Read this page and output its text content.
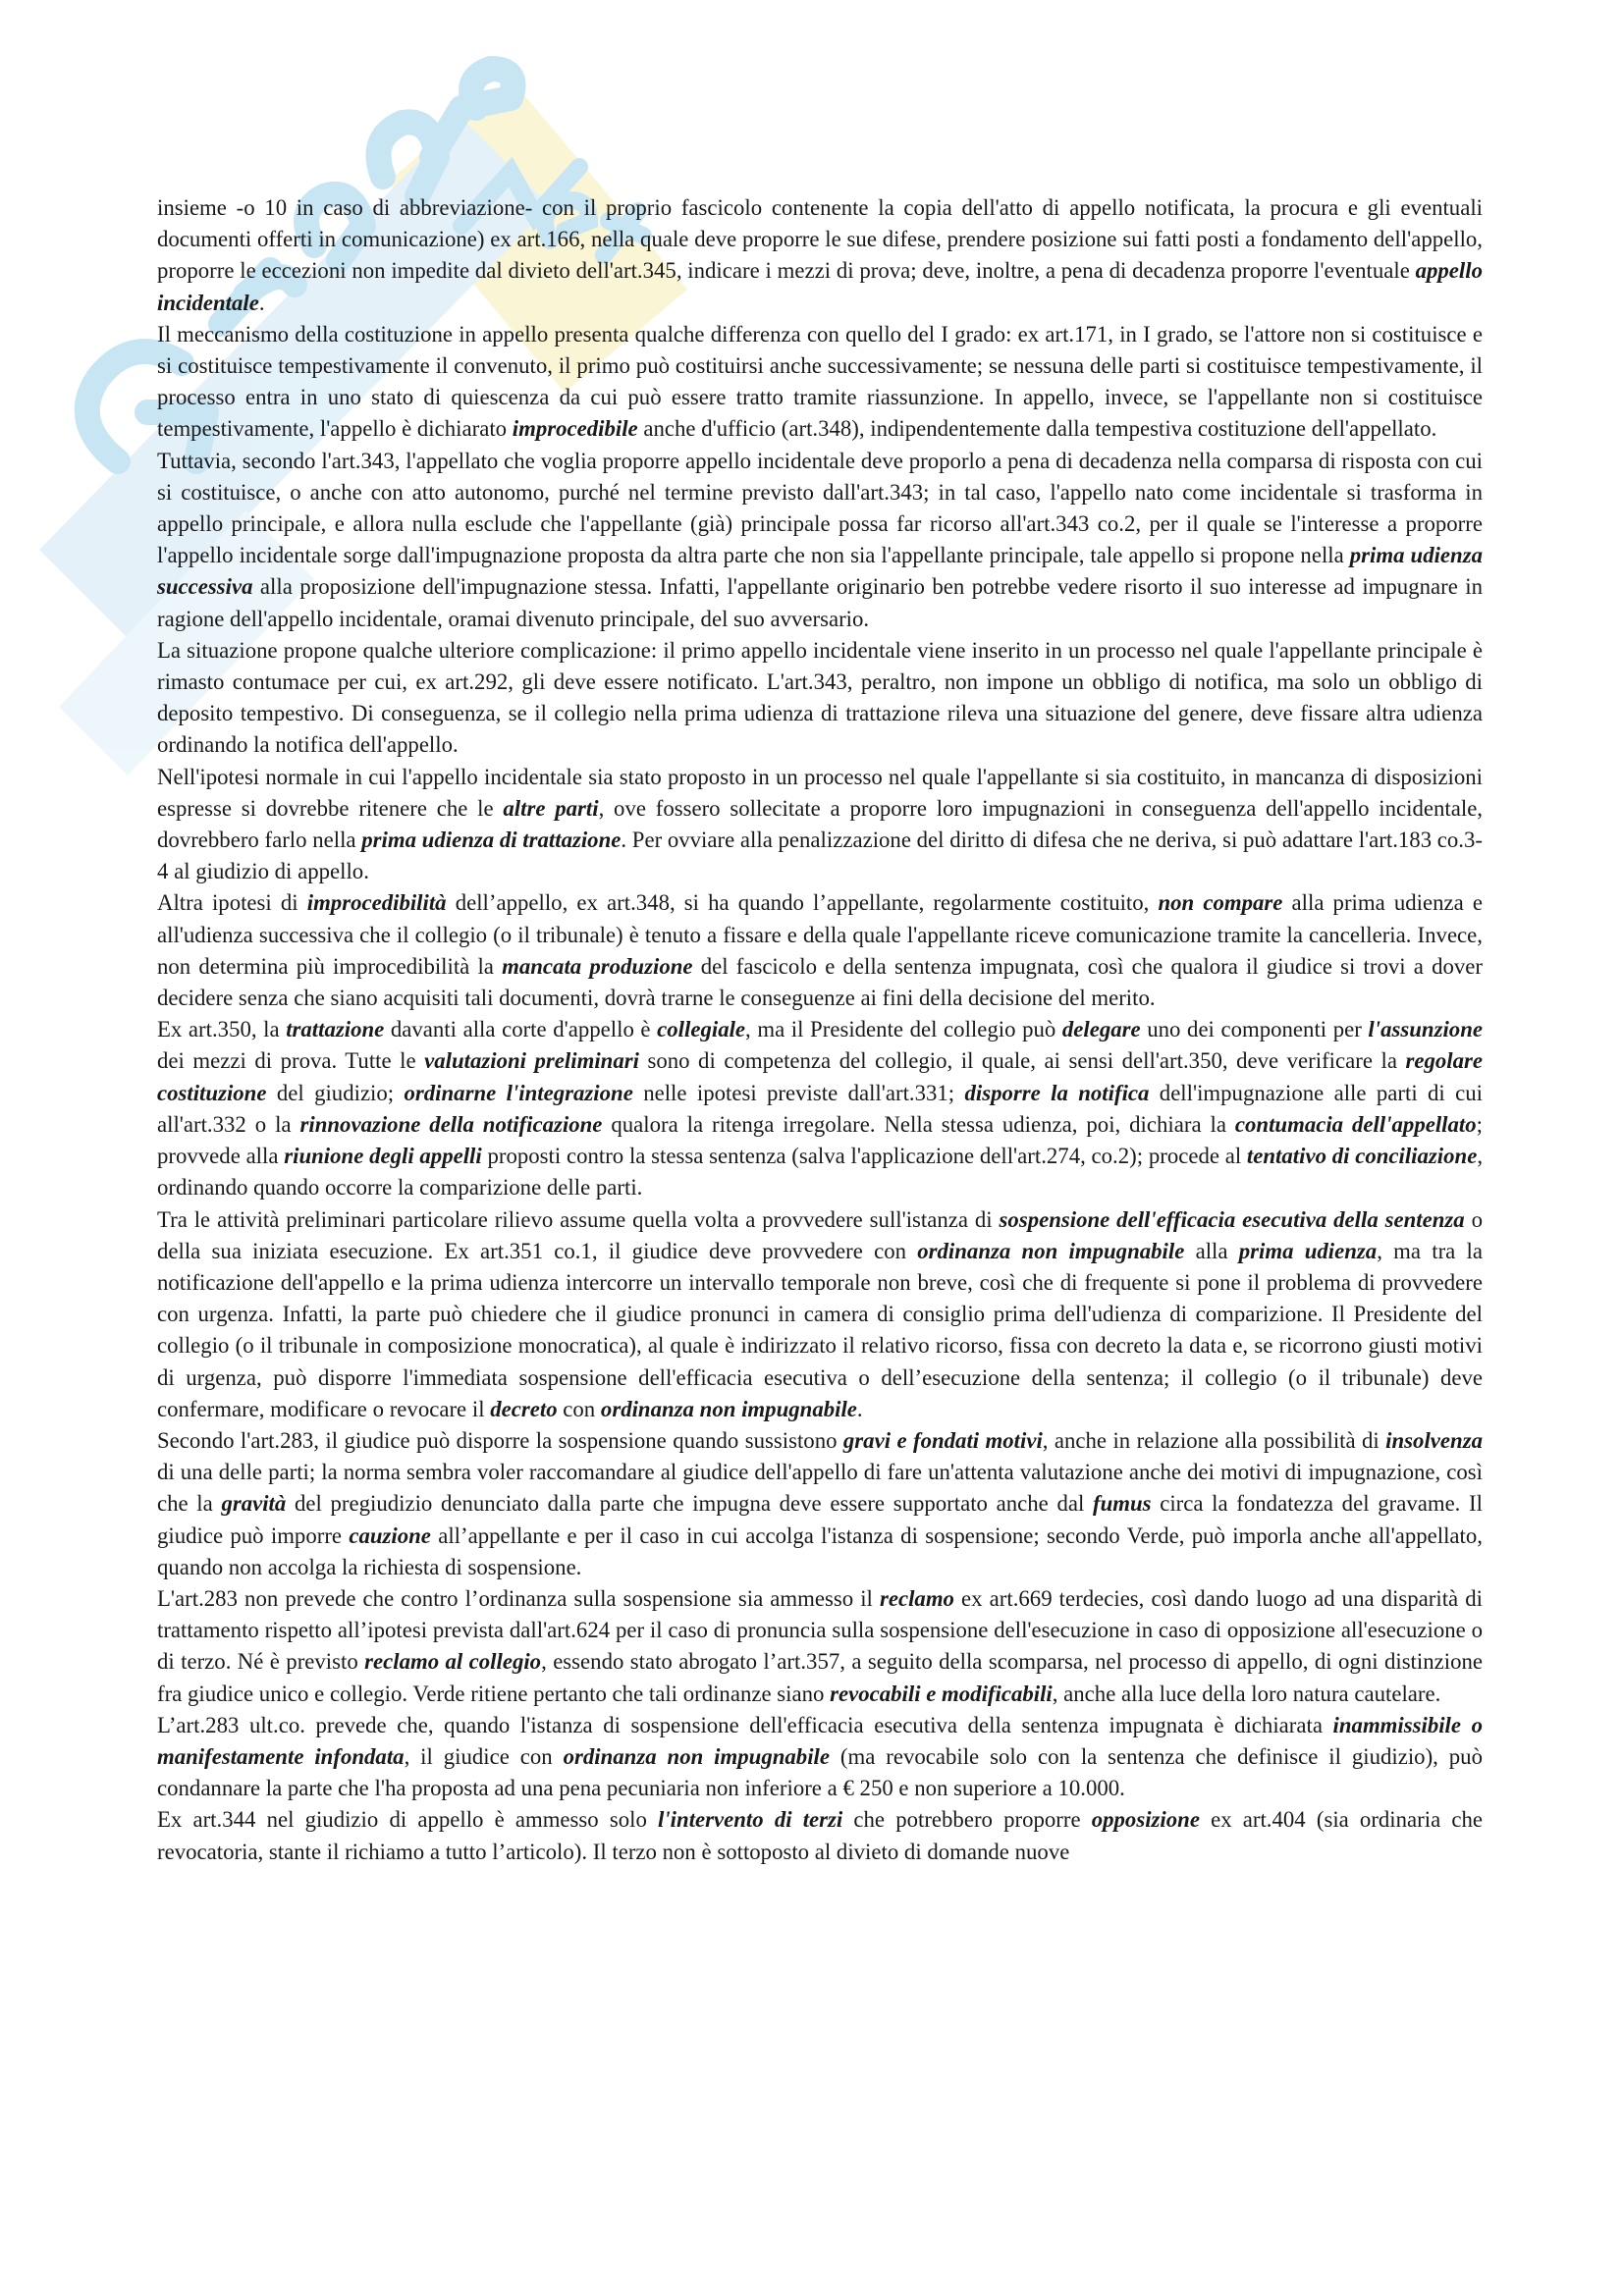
insieme -o 10 in caso di abbreviazione- con il proprio fascicolo contenente la copia dell'atto di appello notificata, la procura e gli eventuali documenti offerti in comunicazione) ex art.166, nella quale deve proporre le sue difese, prendere posizione sui fatti posti a fondamento dell'appello, proporre le eccezioni non impedite dal divieto dell'art.345, indicare i mezzi di prova; deve, inoltre, a pena di decadenza proporre l'eventuale appello incidentale.

Il meccanismo della costituzione in appello presenta qualche differenza con quello del I grado: ex art.171, in I grado, se l'attore non si costituisce e si costituisce tempestivamente il convenuto, il primo può costituirsi anche successivamente; se nessuna delle parti si costituisce tempestivamente, il processo entra in uno stato di quiescenza da cui può essere tratto tramite riassunzione. In appello, invece, se l'appellante non si costituisce tempestivamente, l'appello è dichiarato improcedibile anche d'ufficio (art.348), indipendentemente dalla tempestiva costituzione dell'appellato.

Tuttavia, secondo l'art.343, l'appellato che voglia proporre appello incidentale deve proporlo a pena di decadenza nella comparsa di risposta con cui si costituisce, o anche con atto autonomo, purché nel termine previsto dall'art.343; in tal caso, l'appello nato come incidentale si trasforma in appello principale, e allora nulla esclude che l'appellante (già) principale possa far ricorso all'art.343 co.2, per il quale se l'interesse a proporre l'appello incidentale sorge dall'impugnazione proposta da altra parte che non sia l'appellante principale, tale appello si propone nella prima udienza successiva alla proposizione dell'impugnazione stessa. Infatti, l'appellante originario ben potrebbe vedere risorto il suo interesse ad impugnare in ragione dell'appello incidentale, oramai divenuto principale, del suo avversario.

La situazione propone qualche ulteriore complicazione: il primo appello incidentale viene inserito in un processo nel quale l'appellante principale è rimasto contumace per cui, ex art.292, gli deve essere notificato. L'art.343, peraltro, non impone un obbligo di notifica, ma solo un obbligo di deposito tempestivo. Di conseguenza, se il collegio nella prima udienza di trattazione rileva una situazione del genere, deve fissare altra udienza ordinando la notifica dell'appello.

Nell'ipotesi normale in cui l'appello incidentale sia stato proposto in un processo nel quale l'appellante si sia costituito, in mancanza di disposizioni espresse si dovrebbe ritenere che le altre parti, ove fossero sollecitate a proporre loro impugnazioni in conseguenza dell'appello incidentale, dovrebbero farlo nella prima udienza di trattazione. Per ovviare alla penalizzazione del diritto di difesa che ne deriva, si può adattare l'art.183 co.3-4 al giudizio di appello.

Altra ipotesi di improcedibilità dell’appello, ex art.348, si ha quando l’appellante, regolarmente costituito, non compare alla prima udienza e all'udienza successiva che il collegio (o il tribunale) è tenuto a fissare e della quale l'appellante riceve comunicazione tramite la cancelleria. Invece, non determina più improcedibilità la mancata produzione del fascicolo e della sentenza impugnata, così che qualora il giudice si trovi a dover decidere senza che siano acquisiti tali documenti, dovrà trarne le conseguenze ai fini della decisione del merito.

Ex art.350, la trattazione davanti alla corte d'appello è collegiale, ma il Presidente del collegio può delegare uno dei componenti per l'assunzione dei mezzi di prova. Tutte le valutazioni preliminari sono di competenza del collegio, il quale, ai sensi dell'art.350, deve verificare la regolare costituzione del giudizio; ordinarne l'integrazione nelle ipotesi previste dall'art.331; disporre la notifica dell'impugnazione alle parti di cui all'art.332 o la rinnovazione della notificazione qualora la ritenga irregolare. Nella stessa udienza, poi, dichiara la contumacia dell'appellato; provvede alla riunione degli appelli proposti contro la stessa sentenza (salva l'applicazione dell'art.274, co.2); procede al tentativo di conciliazione, ordinando quando occorre la comparizione delle parti.

Tra le attività preliminari particolare rilievo assume quella volta a provvedere sull'istanza di sospensione dell'efficacia esecutiva della sentenza o della sua iniziata esecuzione. Ex art.351 co.1, il giudice deve provvedere con ordinanza non impugnabile alla prima udienza, ma tra la notificazione dell'appello e la prima udienza intercorre un intervallo temporale non breve, così che di frequente si pone il problema di provvedere con urgenza. Infatti, la parte può chiedere che il giudice pronunci in camera di consiglio prima dell'udienza di comparizione. Il Presidente del collegio (o il tribunale in composizione monocratica), al quale è indirizzato il relativo ricorso, fissa con decreto la data e, se ricorrono giusti motivi di urgenza, può disporre l'immediata sospensione dell'efficacia esecutiva o dell’esecuzione della sentenza; il collegio (o il tribunale) deve confermare, modificare o revocare il decreto con ordinanza non impugnabile.

Secondo l'art.283, il giudice può disporre la sospensione quando sussistono gravi e fondati motivi, anche in relazione alla possibilità di insolvenza di una delle parti; la norma sembra voler raccomandare al giudice dell'appello di fare un'attenta valutazione anche dei motivi di impugnazione, così che la gravità del pregiudizio denunciato dalla parte che impugna deve essere supportato anche dal fumus circa la fondatezza del gravame. Il giudice può imporre cauzione all’appellante e per il caso in cui accolga l'istanza di sospensione; secondo Verde, può imporla anche all'appellato, quando non accolga la richiesta di sospensione.

L'art.283 non prevede che contro l’ordinanza sulla sospensione sia ammesso il reclamo ex art.669 terdecies, così dando luogo ad una disparità di trattamento rispetto all’ipotesi prevista dall'art.624 per il caso di pronuncia sulla sospensione dell'esecuzione in caso di opposizione all'esecuzione o di terzo. Né è previsto reclamo al collegio, essendo stato abrogato l’art.357, a seguito della scomparsa, nel processo di appello, di ogni distinzione fra giudice unico e collegio. Verde ritiene pertanto che tali ordinanze siano revocabili e modificabili, anche alla luce della loro natura cautelare.

L’art.283 ult.co. prevede che, quando l'istanza di sospensione dell'efficacia esecutiva della sentenza impugnata è dichiarata inammissibile o manifestamente infondata, il giudice con ordinanza non impugnabile (ma revocabile solo con la sentenza che definisce il giudizio), può condannare la parte che l'ha proposta ad una pena pecuniaria non inferiore a € 250 e non superiore a 10.000.

Ex art.344 nel giudizio di appello è ammesso solo l'intervento di terzi che potrebbero proporre opposizione ex art.404 (sia ordinaria che revocatoria, stante il richiamo a tutto l’articolo). Il terzo non è sottoposto al divieto di domande nuove
